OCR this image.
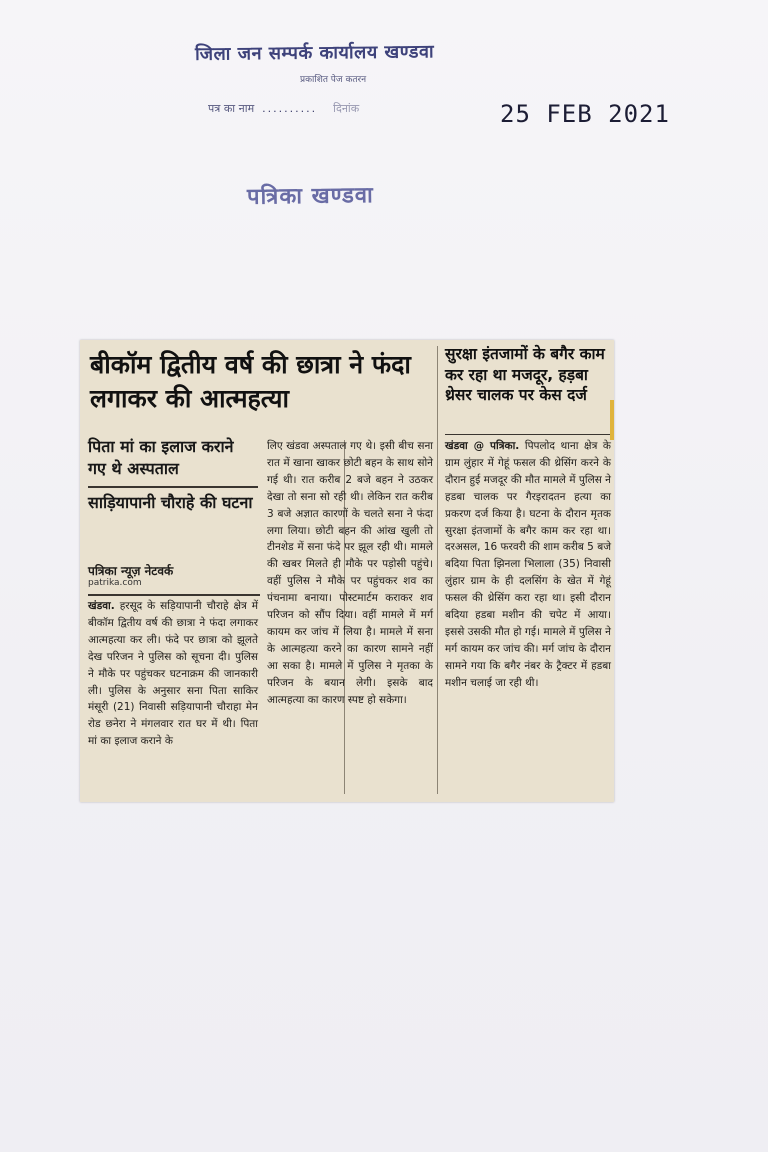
जिला जन सम्पर्क कार्यालय खण्डवा
प्रकाशित पेज कतरन
पत्र का नाम .......... दिनांक	25 FEB 2021
पत्रिका खण्डवा
बीकॉम द्वितीय वर्ष की छात्रा ने फंदा लगाकर की आत्महत्या
पिता मां का इलाज कराने गए थे अस्पताल
साड़ियापानी चौराहे की घटना
पत्रिका न्यूज़ नेटवर्क
patrika.com
खंडवा. हरसूद के सड़ियापानी चौराहे क्षेत्र में बीकॉम द्वितीय वर्ष की छात्रा ने फंदा लगाकर आत्महत्या कर ली। फंदे पर छात्रा को झूलते देख परिजन ने पुलिस को सूचना दी। पुलिस ने मौके पर पहुंचकर घटनाक्रम की जानकारी ली। पुलिस के अनुसार सना पिता साकिर मंसूरी (21) निवासी सड़ियापानी चौराहा मेन रोड छनेरा ने मंगलवार रात घर में थी। पिता मां का इलाज कराने के
लिए खंडवा अस्पताल गए थे। इसी बीच सना रात में खाना खाकर छोटी बहन के साथ सोने गई थी। रात करीब 2 बजे बहन ने उठकर देखा तो सना सो रही थी। लेकिन रात करीब 3 बजे अज्ञात कारणों के चलते सना ने फंदा लगा लिया। छोटी बहन की आंख खुली तो टीनशेड में सना फंदे पर झूल रही थी। मामले की खबर मिलते ही मौके पर पड़ोसी पहुंचे। वहीं पुलिस ने मौके पर पहुंचकर शव का पंचनामा बनाया। पोस्टमार्टम कराकर शव परिजन को सौंप दिया। वहीं मामले में मर्ग कायम कर जांच में लिया है। मामले में सना के आत्महत्या करने का कारण सामने नहीं आ सका है। मामले में पुलिस ने मृतका के परिजन के बयान लेगी। इसके बाद आत्महत्या का कारण स्पष्ट हो सकेगा।
सुरक्षा इंतजामों के बगैर काम कर रहा था मजदूर, हड़बा थ्रेसर चालक पर केस दर्ज
खंडवा @ पत्रिका. पिपलोद थाना क्षेत्र के ग्राम लुंहार में गेहूं फसल की थ्रेसिंग करने के दौरान हुई मजदूर की मौत मामले में पुलिस ने हडबा चालक पर गैरइरादतन हत्या का प्रकरण दर्ज किया है। घटना के दौरान मृतक सुरक्षा इंतजामों के बगैर काम कर रहा था। दरअसल, 16 फरवरी की शाम करीब 5 बजे बदिया पिता झिनला भिलाला (35) निवासी लुंहार ग्राम के ही दलसिंग के खेत में गेहूं फसल की थ्रेसिंग करा रहा था। इसी दौरान बदिया हडबा मशीन की चपेट में आया। इससे उसकी मौत हो गई। मामले में पुलिस ने मर्ग कायम कर जांच की। मर्ग जांच के दौरान सामने गया कि बगैर नंबर के ट्रैक्टर में हडबा मशीन चलाई जा रही थी।
